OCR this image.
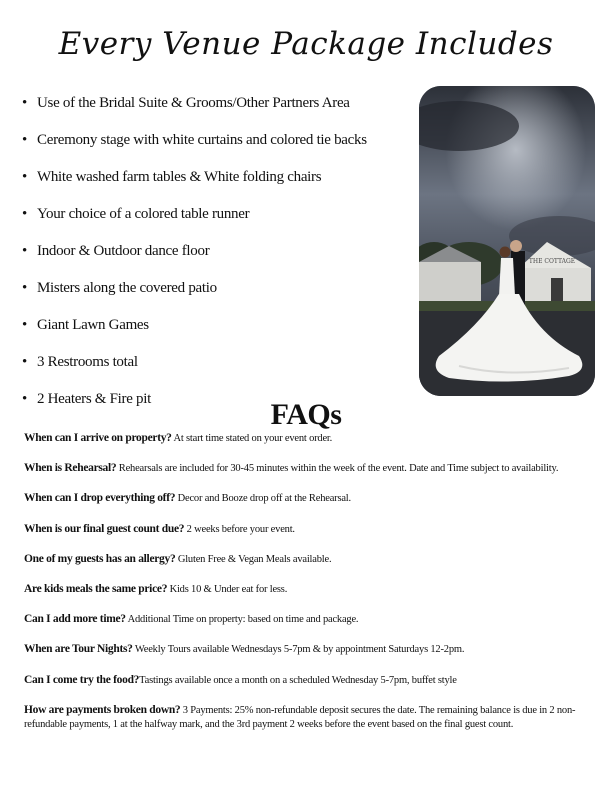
Every Venue Package Includes
• Use of the Bridal Suite & Grooms/Other Partners Area
• Ceremony stage with white curtains and colored tie backs
• White washed farm tables & White folding chairs
• Your choice of a colored table runner
• Indoor & Outdoor dance floor
• Misters along the covered patio
• Giant Lawn Games
• 3 Restrooms total
• 2 Heaters & Fire pit
THE COTTAGE
FAQs

When can I arrive on property? At start time stated on your event order.

When is Rehearsal? Rehearsals are included for 30-45 minutes within the week of the event. Date and Time subject to availability.

When can I drop everything off? Decor and Booze drop off at the Rehearsal.

When is our final guest count due? 2 weeks before your event.

One of my guests has an allergy? Gluten Free & Vegan Meals available.

Are kids meals the same price? Kids 10 & Under eat for less.

Can I add more time? Additional Time on property: based on time and package.

When are Tour Nights? Weekly Tours available Wednesdays 5-7pm & by appointment Saturdays 12-2pm.

Can I come try the food?Tastings available once a month on a scheduled Wednesday 5-7pm, buffet style

How are payments broken down? 3 Payments: 25% non-refundable deposit secures the date. The remaining balance is due in 2 non-refundable payments, 1 at the halfway mark, and the 3rd payment 2 weeks before the event based on the final guest count.
